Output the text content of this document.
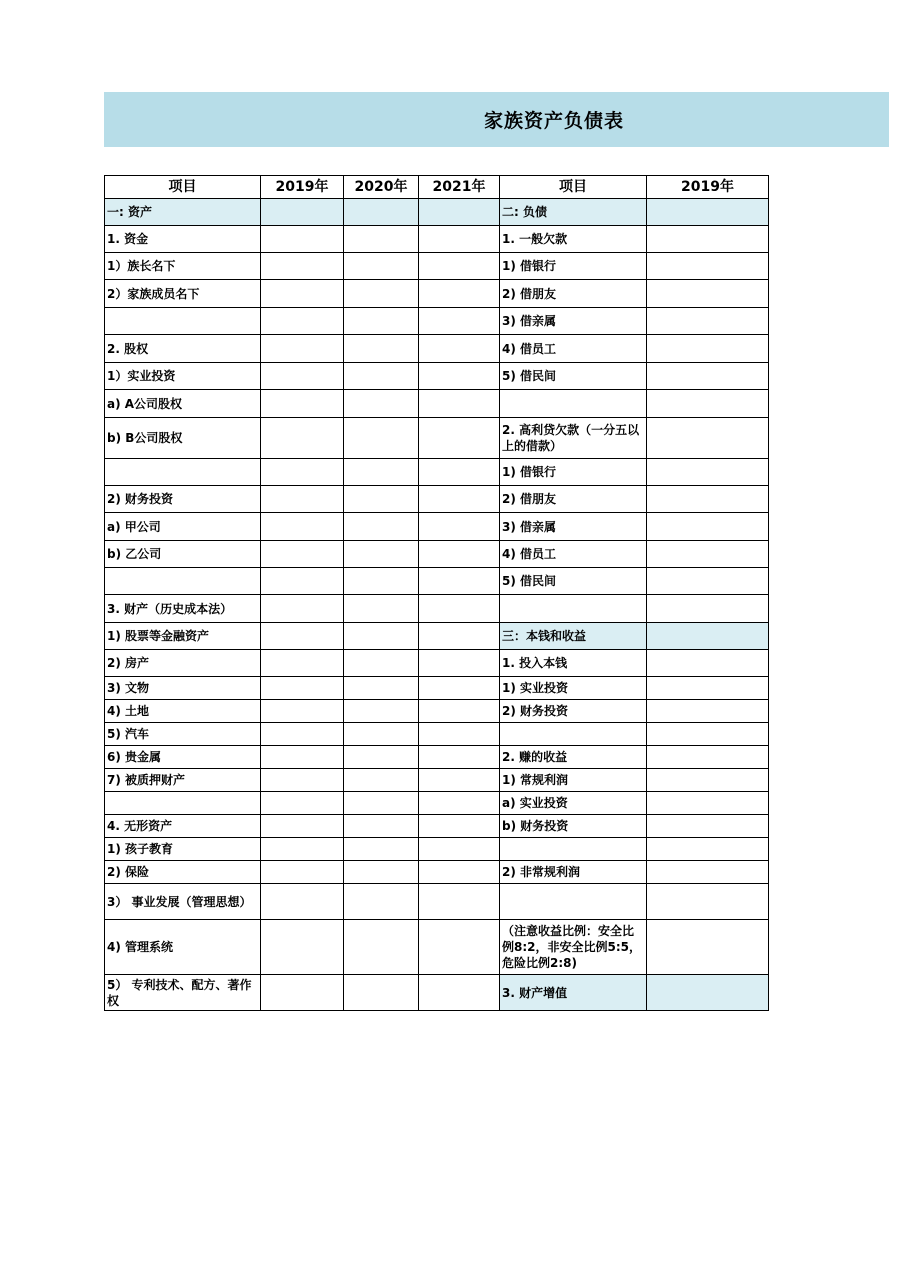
家族资产负债表
项目	2019年	2020年	2021年	项目	2019年
一: 资产				二: 负债	
1. 资金				1. 一般欠款	
1）族长名下				1) 借银行	
2）家族成员名下				2) 借朋友	
				3) 借亲属	
2. 股权				4) 借员工	
1）实业投资				5) 借民间	
a) A公司股权					
b) B公司股权				2. 高利贷欠款（一分五以上的借款）	
				1) 借银行	
2) 财务投资				2) 借朋友	
a) 甲公司				3) 借亲属	
b) 乙公司				4) 借员工	
				5) 借民间	
3. 财产（历史成本法）					
1) 股票等金融资产				三：本钱和收益	
2) 房产				1. 投入本钱	
3) 文物				1) 实业投资	
4) 土地				2) 财务投资	
5) 汽车					
6) 贵金属				2. 赚的收益	
7) 被质押财产				1) 常规利润	
				a) 实业投资	
4. 无形资产				b) 财务投资	
1) 孩子教育					
2) 保险				2) 非常规利润	
3） 事业发展（管理思想）					
4) 管理系统				（注意收益比例：安全比例8:2，非安全比例5:5，危险比例2:8)	
5） 专利技术、配方、著作权				3. 财产增值	
